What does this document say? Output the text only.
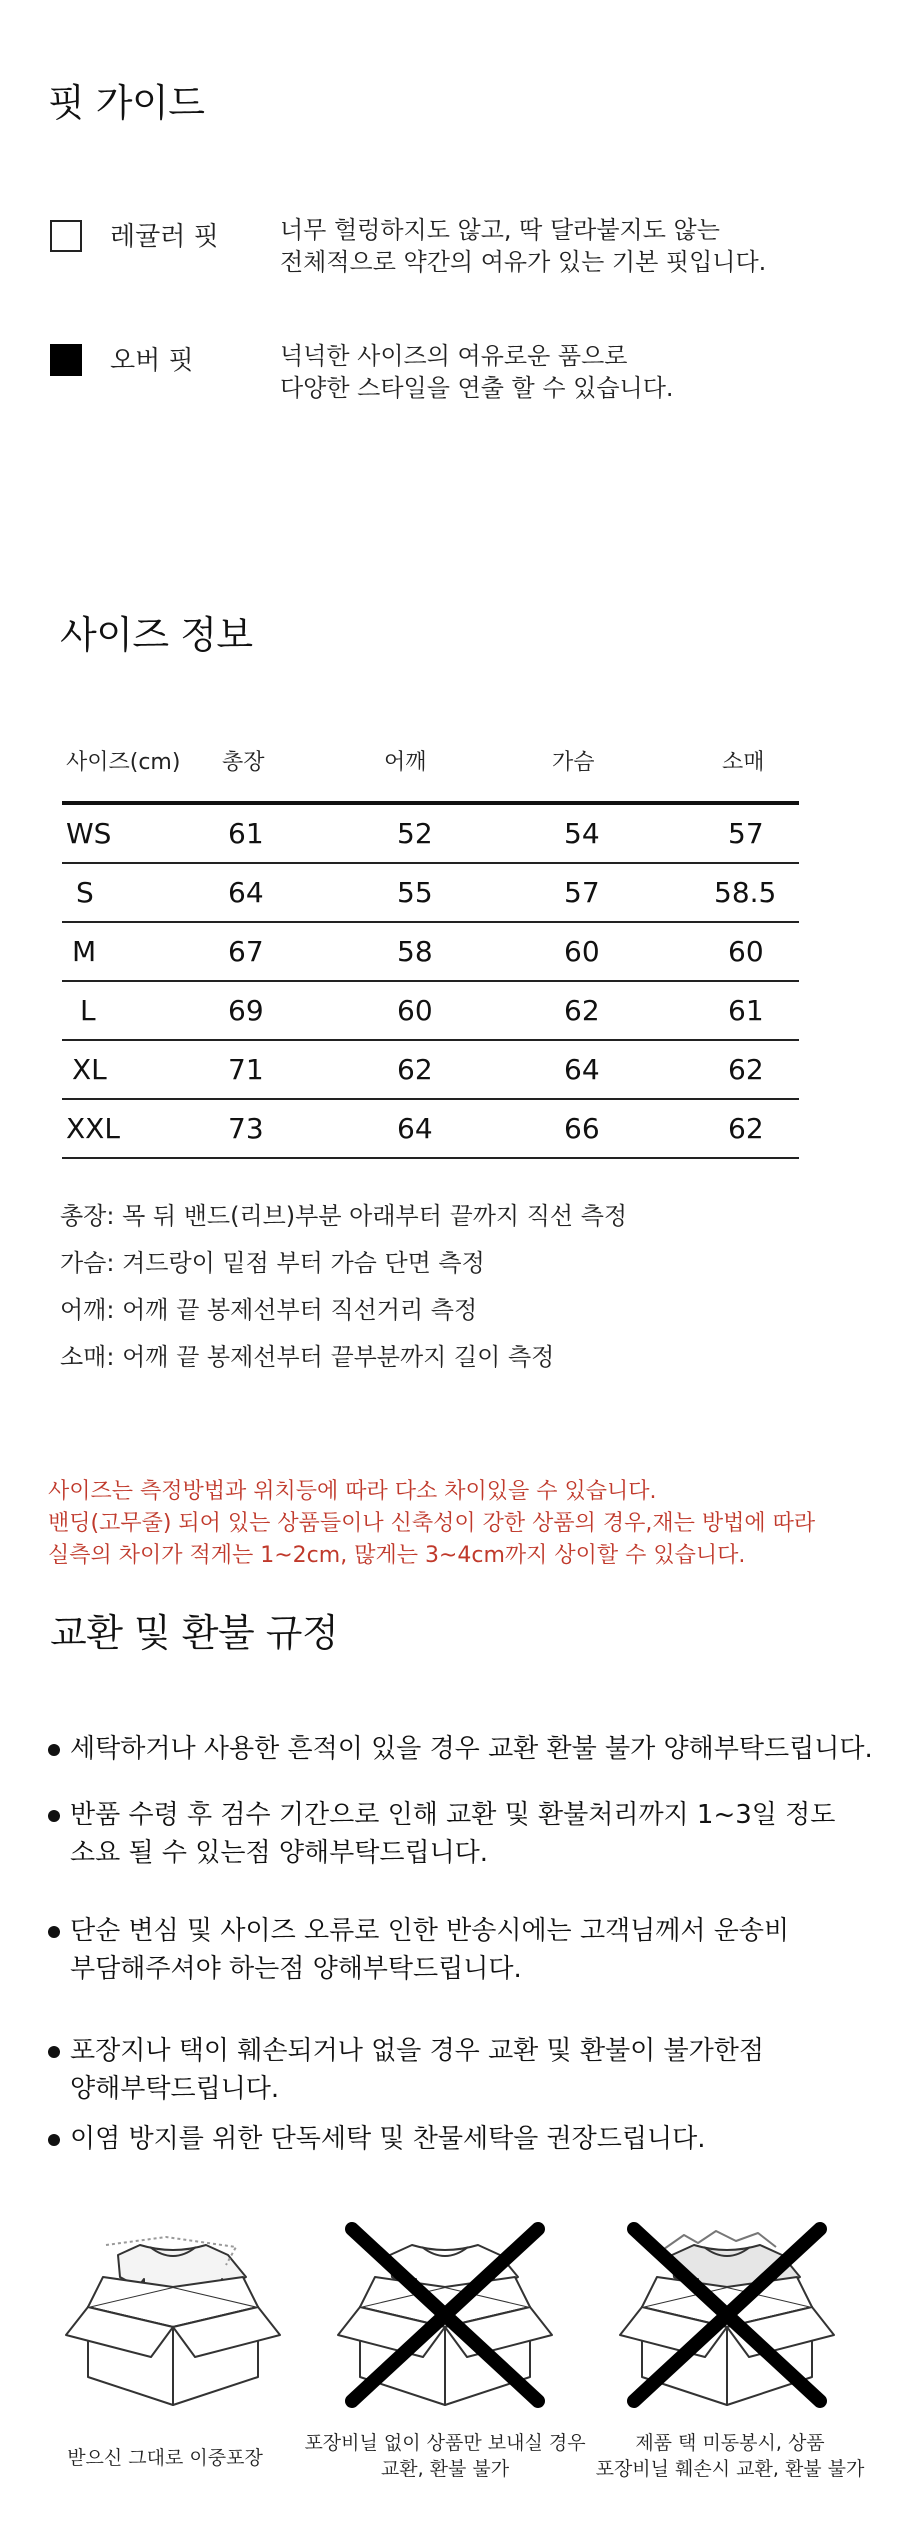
핏 가이드
레귤러 핏	너무 헐렁하지도 않고, 딱 달라붙지도 않는
전체적으로 약간의 여유가 있는 기본 핏입니다.
오버 핏	넉넉한 사이즈의 여유로운 품으로
다양한 스타일을 연출 할 수 있습니다.
사이즈 정보
사이즈(cm) 총장	어깨	가슴	소매
WS	61	52	54	57
S	64	55	57	58.5
M	67	58	60	60
L	69	60	62	61
XL	71	62	64	62
XXL	73	64	66	62
총장: 목 뒤 밴드(리브)부분 아래부터 끝까지 직선 측정
가슴: 겨드랑이 밑점 부터 가슴 단면 측정
어깨: 어깨 끝 봉제선부터 직선거리 측정
소매: 어깨 끝 봉제선부터 끝부분까지 길이 측정
사이즈는 측정방법과 위치등에 따라 다소 차이있을 수 있습니다.
밴딩(고무줄) 되어 있는 상품들이나 신축성이 강한 상품의 경우,재는 방법에 따라
실측의 차이가 적게는 1~2cm, 많게는 3~4cm까지 상이할 수 있습니다.
교환 및 환불 규정
세탁하거나 사용한 흔적이 있을 경우 교환 환불 불가 양해부탁드립니다.
반품 수령 후 검수 기간으로 인해 교환 및 환불처리까지 1~3일 정도
소요 될 수 있는점 양해부탁드립니다.
단순 변심 및 사이즈 오류로 인한 반송시에는 고객님께서 운송비
부담해주셔야 하는점 양해부탁드립니다.
포장지나 택이 훼손되거나 없을 경우 교환 및 환불이 불가한점
양해부탁드립니다.
이염 방지를 위한 단독세탁 및 찬물세탁을 권장드립니다.
받으신 그대로 이중포장
포장비닐 없이 상품만 보내실 경우
교환, 환불 불가
제품 택 미동봉시, 상품
포장비닐 훼손시 교환, 환불 불가
